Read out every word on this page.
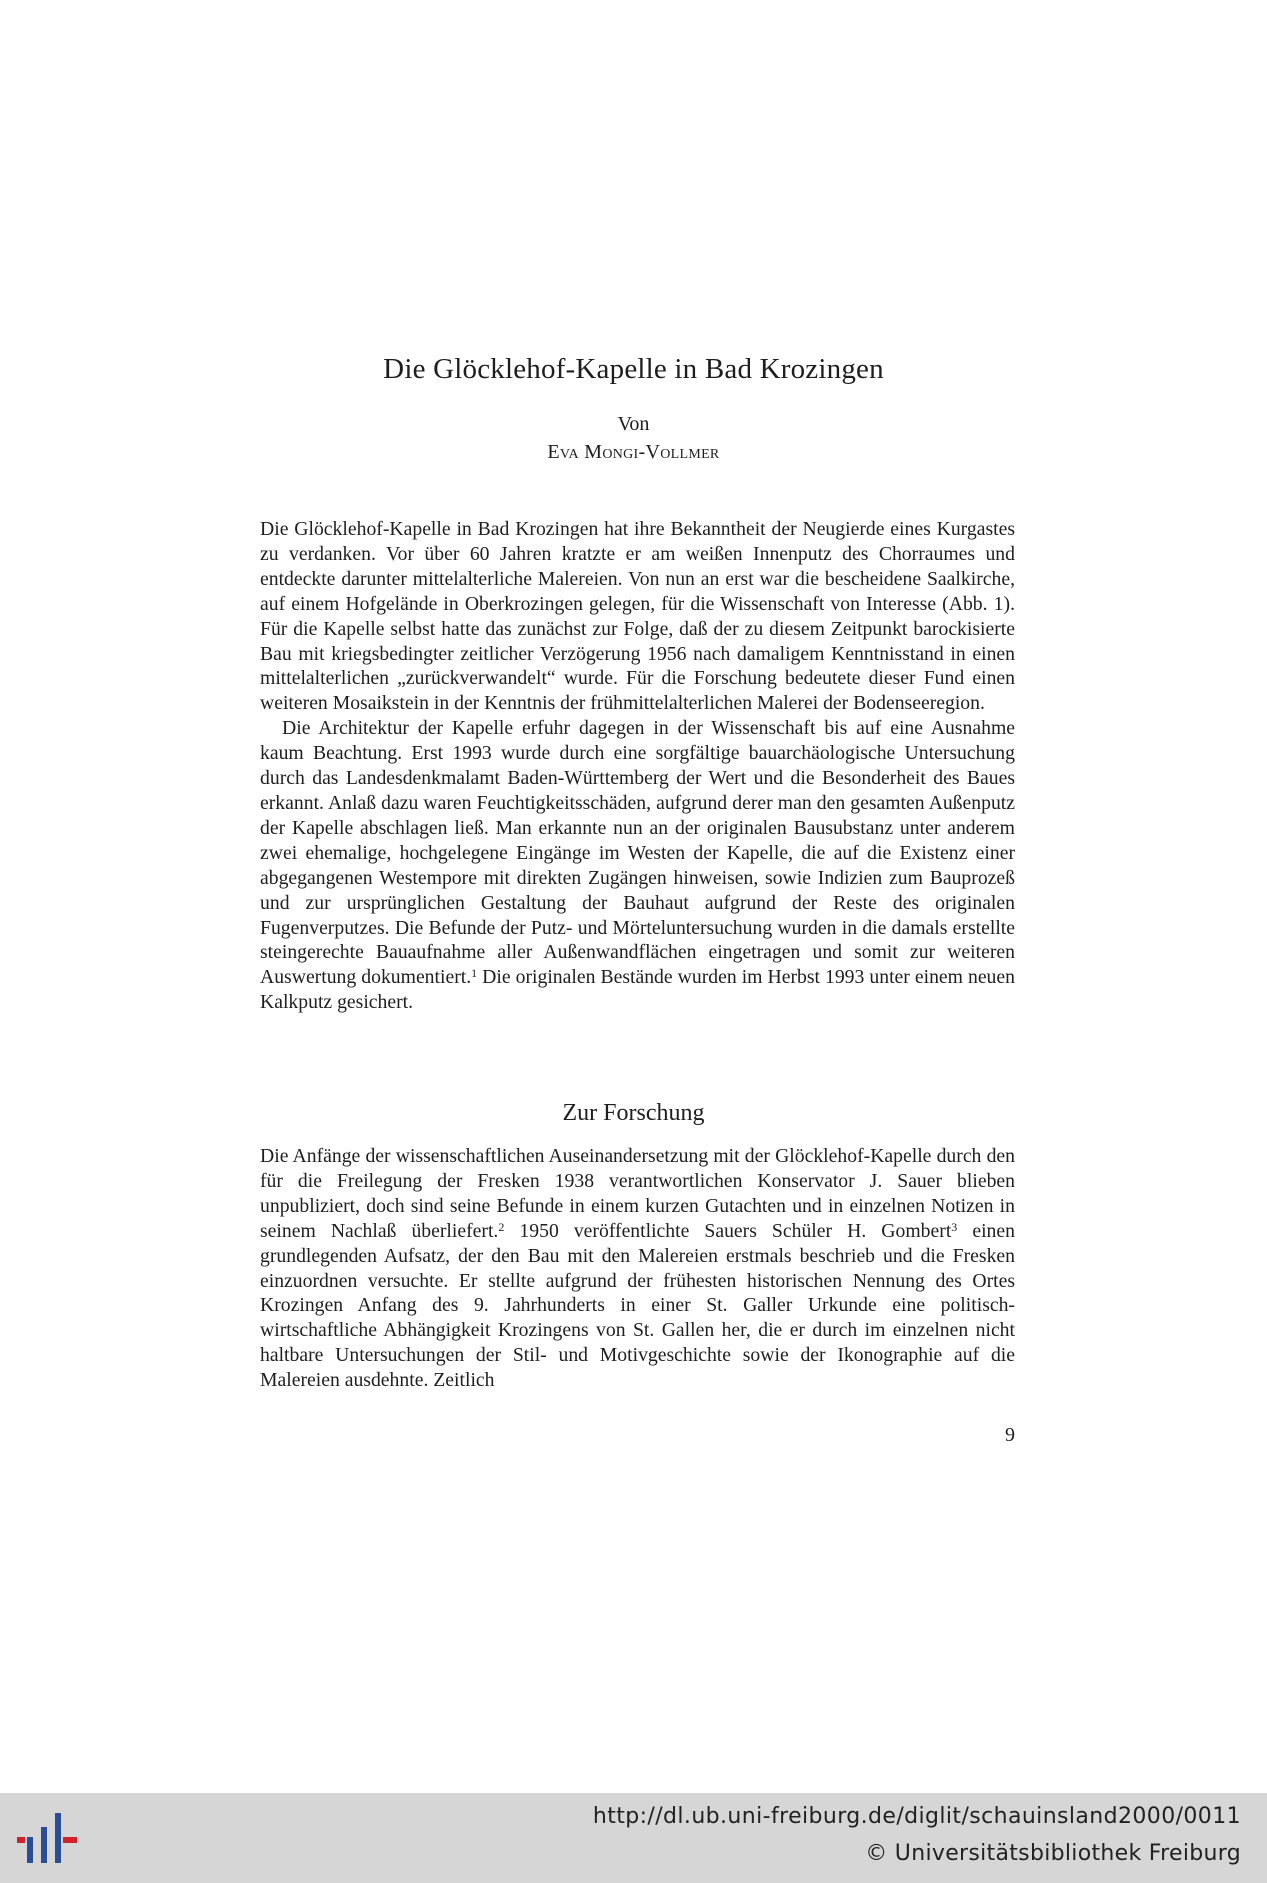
Die Glöcklehof-Kapelle in Bad Krozingen
Von
Eva Mongi-Vollmer

Die Glöcklehof-Kapelle in Bad Krozingen hat ihre Bekanntheit der Neugierde eines Kurgastes zu verdanken. Vor über 60 Jahren kratzte er am weißen Innenputz des Chorraumes und entdeckte darunter mittelalterliche Malereien. Von nun an erst war die bescheidene Saalkirche, auf einem Hofgelände in Oberkrozingen gelegen, für die Wissenschaft von Interesse (Abb. 1). Für die Kapelle selbst hatte das zunächst zur Folge, daß der zu diesem Zeitpunkt barockisierte Bau mit kriegsbedingter zeitlicher Verzögerung 1956 nach damaligem Kenntnisstand in einen mittelalterlichen „zurückverwandelt“ wurde. Für die Forschung bedeutete dieser Fund einen weiteren Mosaikstein in der Kenntnis der frühmittelalterlichen Malerei der Bodenseeregion.

Die Architektur der Kapelle erfuhr dagegen in der Wissenschaft bis auf eine Ausnahme kaum Beachtung. Erst 1993 wurde durch eine sorgfältige bauarchäologische Untersuchung durch das Landesdenkmalamt Baden-Württemberg der Wert und die Besonderheit des Baues erkannt. Anlaß dazu waren Feuchtigkeitsschäden, aufgrund derer man den gesamten Außenputz der Kapelle abschlagen ließ. Man erkannte nun an der originalen Bausubstanz unter anderem zwei ehemalige, hochgelegene Eingänge im Westen der Kapelle, die auf die Existenz einer abgegangenen Westempore mit direkten Zugängen hinweisen, sowie Indizien zum Bauprozeß und zur ursprünglichen Gestaltung der Bauhaut aufgrund der Reste des originalen Fugenverputzes. Die Befunde der Putz- und Mörteluntersuchung wurden in die damals erstellte steingerechte Bauaufnahme aller Außenwandflächen eingetragen und somit zur weiteren Auswertung dokumentiert.$^1$ Die originalen Bestände wurden im Herbst 1993 unter einem neuen Kalkputz gesichert.

Zur Forschung

Die Anfänge der wissenschaftlichen Auseinandersetzung mit der Glöcklehof-Kapelle durch den für die Freilegung der Fresken 1938 verantwortlichen Konservator J. Sauer blieben unpubliziert, doch sind seine Befunde in einem kurzen Gutachten und in einzelnen Notizen in seinem Nachlaß überliefert.$^2$ 1950 veröffentlichte Sauers Schüler H. Gombert$^3$ einen grundlegenden Aufsatz, der den Bau mit den Malereien erstmals beschrieb und die Fresken einzuordnen versuchte. Er stellte aufgrund der frühesten historischen Nennung des Ortes Krozingen Anfang des 9. Jahrhunderts in einer St. Galler Urkunde eine politisch-wirtschaftliche Abhängigkeit Krozingens von St. Gallen her, die er durch im einzelnen nicht haltbare Untersuchungen der Stil- und Motivgeschichte sowie der Ikonographie auf die Malereien ausdehnte. Zeitlich

9
http://dl.ub.uni-freiburg.de/diglit/schauinsland2000/0011
© Universitätsbibliothek Freiburg
